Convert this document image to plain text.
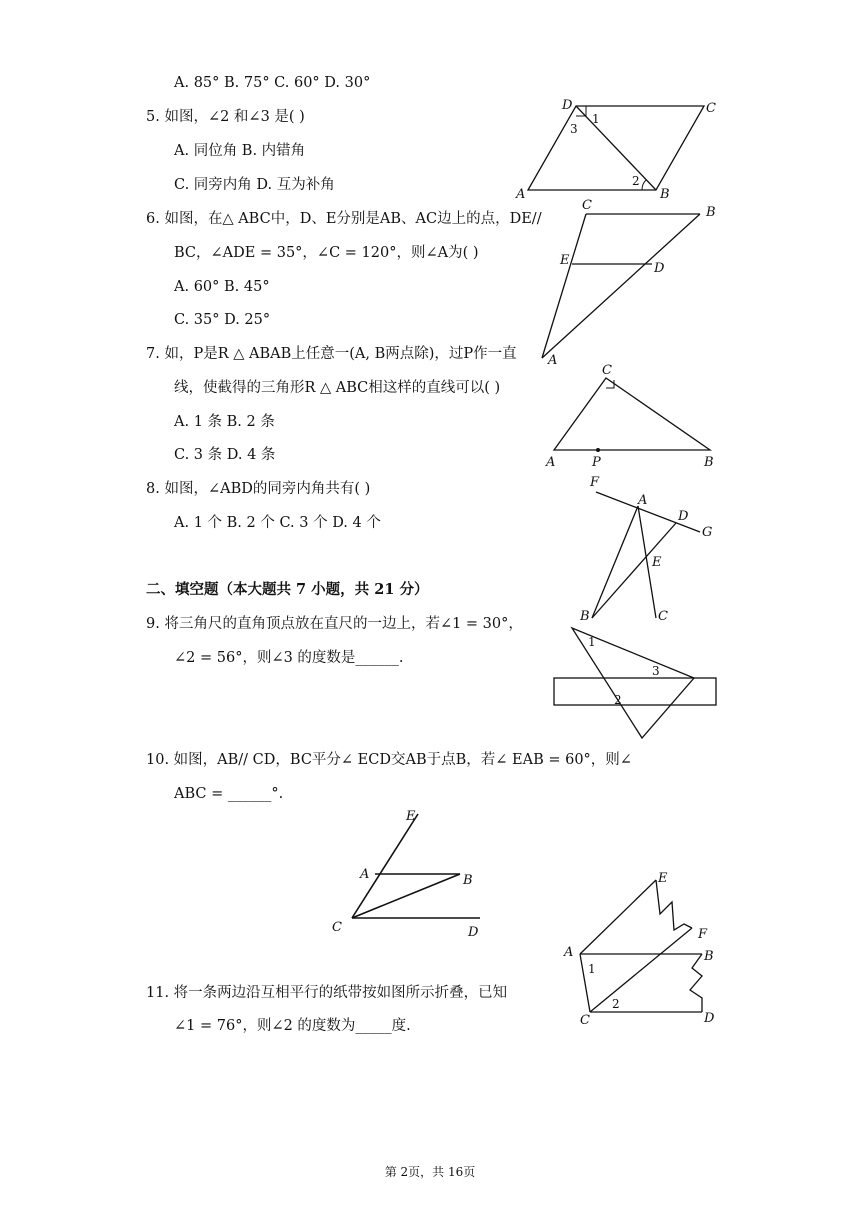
A. 85° B. 75° C. 60° D. 30°
5. 如图，∠2 和∠3 是( )
A. 同位角 B. 内错角
C. 同旁内角 D. 互为补角
6. 如图，在△ ABC中，D、E分别是AB、AC边上的点，DE//
BC，∠ADE = 35°，∠C = 120°，则∠A为( )
A. 60° B. 45°
C. 35° D. 25°
7. 如，P是R △ ABAB上任意一(A, B两点除)，过P作一直
线，使截得的三角形R △ ABC相这样的直线可以( )
A. 1 条 B. 2 条
C. 3 条 D. 4 条
8. 如图，∠ABD的同旁内角共有( )
A. 1 个 B. 2 个 C. 3 个 D. 4 个
二、填空题（本大题共 7 小题，共 21 分）
9. 将三角尺的直角顶点放在直尺的一边上，若∠1 = 30°，
∠2 = 56°，则∠3 的度数是______.
10. 如图，AB// CD，BC平分∠ ECD交AB于点B，若∠ EAB = 60°，则∠
ABC = ______°.
11. 将一条两边沿互相平行的纸带按如图所示折叠，已知
∠1 = 76°，则∠2 的度数为_____度.
D	C
A	B
1
2
3
C	B
E
D
A
C
A	P	B
F
A
D
G
E
B	C
1
2
3
E
A	B
C	D
E
F
A	B
C	D
1
2
第 2页，共 16页
